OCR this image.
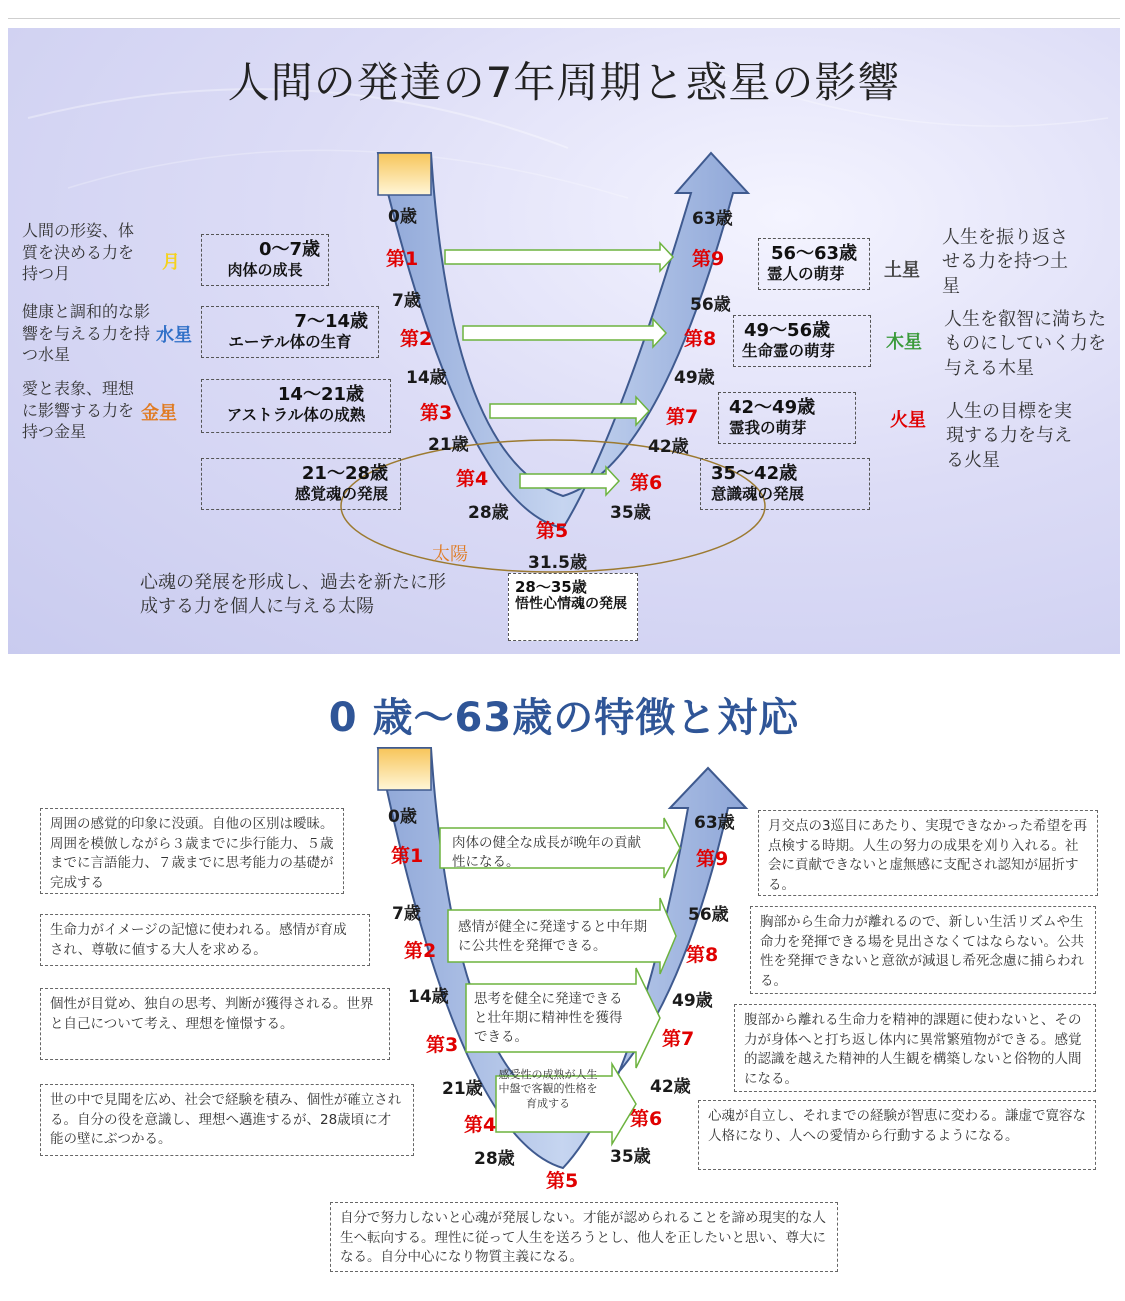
人間の発達の7年周期と惑星の影響
0歳
7歳
14歳
21歳
28歳
31.5歳
35歳
42歳
49歳
56歳
63歳
第1
第2
第3
第4
第5
第6
第7
第8
第9
0〜7歳
肉体の成長
7〜14歳
エーテル体の生育
14〜21歳
アストラル体の成熟
21〜28歳
感覚魂の発展
56〜63歳
霊人の萌芽
49〜56歳
生命霊の萌芽
42〜49歳
霊我の萌芽
35〜42歳
意識魂の発展
28〜35歳
悟性心情魂の発展
人間の形姿、体質を決める力を持つ月
月
健康と調和的な影響を与える力を持つ水星
水星
愛と表象、理想に影響する力を持つ金星
金星
土星
人生を振り返させる力を持つ土星
木星
人生を叡智に満ちたものにしていく力を与える木星
火星 人生の目標を実現する力を与える火星
太陽
心魂の発展を形成し、過去を新たに形成する力を個人に与える太陽
0 歳〜63歳の特徴と対応
0歳
7歳
14歳
21歳
28歳	35歳
42歳
49歳
56歳
63歳
第1
第2
第3
第4
第5
第6
第7
第8
第9
肉体の健全な成長が晩年の貢献性になる。
感情が健全に発達すると中年期に公共性を発揮できる。
思考を健全に発達できると壮年期に精神性を獲得できる。
感受性の成熟が人生中盤で客観的性格を育成する
周囲の感覚的印象に没頭。自他の区別は曖昧。周囲を模倣しながら３歳までに歩行能力、５歳までに言語能力、７歳までに思考能力の基礎が完成する
生命力がイメージの記憶に使われる。感情が育成され、尊敬に値する大人を求める。
個性が目覚め、独自の思考、判断が獲得される。世界と自己について考え、理想を憧憬する。
世の中で見聞を広め、社会で経験を積み、個性が確立される。自分の役を意識し、理想へ邁進するが、28歳頃に才能の壁にぶつかる。
月交点の3巡目にあたり、実現できなかった希望を再点検する時期。人生の努力の成果を刈り入れる。社会に貢献できないと虚無感に支配され認知が屈折する。
胸部から生命力が離れるので、新しい生活リズムや生命力を発揮できる場を見出さなくてはならない。公共性を発揮できないと意欲が減退し希死念慮に捕らわれる。
腹部から離れる生命力を精神的課題に使わないと、その力が身体へと打ち返し体内に異常繁殖物ができる。感覚的認識を越えた精神的人生観を構築しないと俗物的人間になる。
心魂が自立し、それまでの経験が智恵に変わる。謙虚で寛容な人格になり、人への愛情から行動するようになる。
自分で努力しないと心魂が発展しない。才能が認められることを諦め現実的な人生へ転向する。理性に従って人生を送ろうとし、他人を正したいと思い、尊大になる。自分中心になり物質主義になる。
